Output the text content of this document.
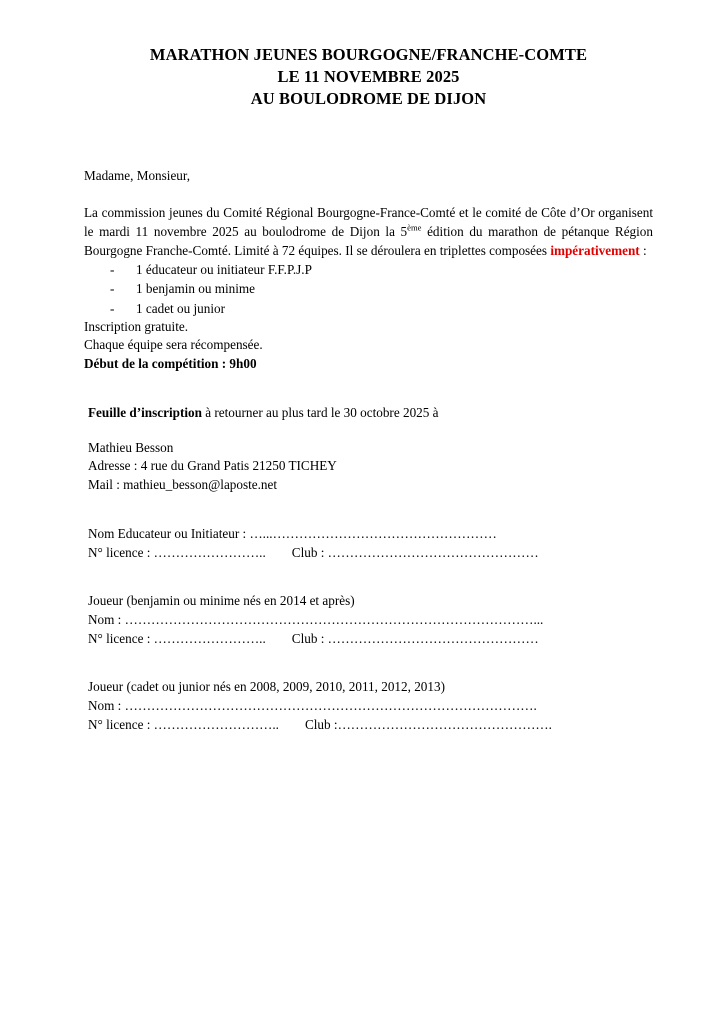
MARATHON JEUNES BOURGOGNE/FRANCHE-COMTE
LE 11 NOVEMBRE 2025
AU BOULODROME DE DIJON

Madame, Monsieur,

La commission jeunes du Comité Régional Bourgogne-France-Comté et le comité de Côte d’Or organisent le mardi 11 novembre 2025 au boulodrome de Dijon la 5ème édition du marathon de pétanque Région Bourgogne Franche-Comté. Limité à 72 équipes. Il se déroulera en triplettes composées impérativement :

- 1 éducateur ou initiateur F.F.P.J.P
- 1 benjamin ou minime
- 1 cadet ou junior

Inscription gratuite.

Chaque équipe sera récompensée.

Début de la compétition : 9h00

Feuille d’inscription à retourner au plus tard le 30 octobre 2025 à

Mathieu Besson

Adresse : 4 rue du Grand Patis 21250 TICHEY

Mail : mathieu_besson@laposte.net

Nom Educateur ou Initiateur : …...……………………………………………

N° licence : …………………….. Club : …………………………………………

Joueur (benjamin ou minime nés en 2014 et après)

Nom : …………………………………………………………………………………...

N° licence : …………………….. Club : …………………………………………

Joueur (cadet ou junior nés en 2008, 2009, 2010, 2011, 2012, 2013)

Nom : ………………………………………………………………………………….

N° licence : ……………………….. Club :………………………………………….
